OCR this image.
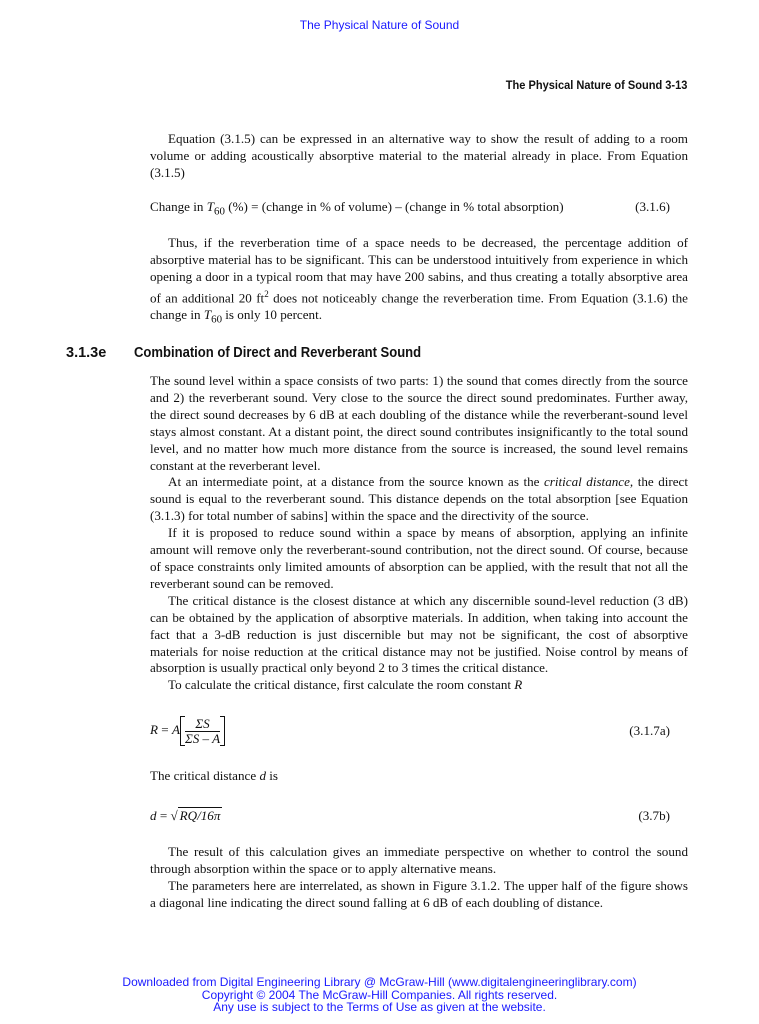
The Physical Nature of Sound
The Physical Nature of Sound 3-13

Equation (3.1.5) can be expressed in an alternative way to show the result of adding to a room volume or adding acoustically absorptive material to the material already in place. From Equation (3.1.5)

Change in $T_{60}$ (%) = (change in % of volume) – (change in % total absorption)	(3.1.6)

Thus, if the reverberation time of a space needs to be decreased, the percentage addition of absorptive material has to be significant. This can be understood intuitively from experience in which opening a door in a typical room that may have 200 sabins, and thus creating a totally absorptive area of an additional 20 $ft^2$ does not noticeably change the reverberation time. From Equation (3.1.6) the change in $T_{60}$ is only 10 percent.

3.1.3e Combination of Direct and Reverberant Sound

The sound level within a space consists of two parts: 1) the sound that comes directly from the source and 2) the reverberant sound. Very close to the source the direct sound predominates. Further away, the direct sound decreases by 6 dB at each doubling of the distance while the reverberant-sound level stays almost constant. At a distant point, the direct sound contributes insignificantly to the total sound level, and no matter how much more distance from the source is increased, the sound level remains constant at the reverberant level.

At an intermediate point, at a distance from the source known as the critical distance, the direct sound is equal to the reverberant sound. This distance depends on the total absorption [see Equation (3.1.3) for total number of sabins] within the space and the directivity of the source.

If it is proposed to reduce sound within a space by means of absorption, applying an infinite amount will remove only the reverberant-sound contribution, not the direct sound. Of course, because of space constraints only limited amounts of absorption can be applied, with the result that not all the reverberant sound can be removed.

The critical distance is the closest distance at which any discernible sound-level reduction (3 dB) can be obtained by the application of absorptive materials. In addition, when taking into account the fact that a 3-dB reduction is just discernible but may not be significant, the cost of absorptive materials for noise reduction at the critical distance may not be justified. Noise control by means of absorption is usually practical only beyond 2 to 3 times the critical distance.

To calculate the critical distance, first calculate the room constant R

R = A $\frac{\Sigma S}{\Sigma S - A}$	(3.1.7a)

The critical distance d is

d = √ RQ/16π	(3.7b)

The result of this calculation gives an immediate perspective on whether to control the sound through absorption within the space or to apply alternative means.

The parameters here are interrelated, as shown in Figure 3.1.2. The upper half of the figure shows a diagonal line indicating the direct sound falling at 6 dB of each doubling of distance.

Downloaded from Digital Engineering Library @ McGraw-Hill (www.digitalengineeringlibrary.com)
Copyright © 2004 The McGraw-Hill Companies. All rights reserved.
Any use is subject to the Terms of Use as given at the website.
